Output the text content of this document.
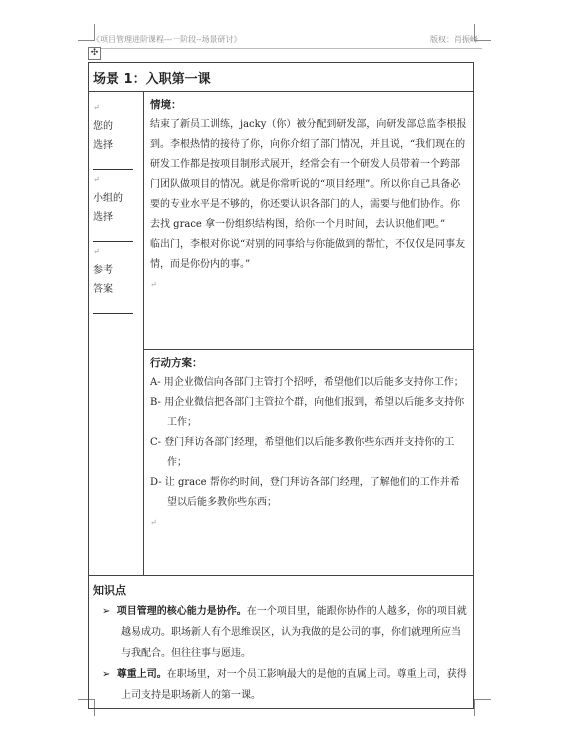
《项目管理进阶课程---一阶段--场景研讨》	版权：肖振峰
✣
场景 1：入职第一课

↵
您的
选择
↵
小组的
选择
↵
参考
答案

情境：
结束了新员工训练，jacky（你）被分配到研发部，向研发部总监李根报到。李根热情的接待了你，向你介绍了部门情况，并且说，“我们现在的研发工作都是按项目制形式展开，经常会有一个研发人员带着一个跨部门团队做项目的情况。就是你常听说的“项目经理”。所以你自己具备必要的专业水平是不够的，你还要认识各部门的人，需要与他们协作。你去找 grace 拿一份组织结构图，给你一个月时间，去认识他们吧。”
临出门，李根对你说“对别的同事给与你能做到的帮忙，不仅仅是同事友情，而是你份内的事。”
↵

行动方案：
A- 用企业微信向各部门主管打个招呼，希望他们以后能多支持你工作；
B- 用企业微信把各部门主管拉个群，向他们报到，希望以后能多支持你工作；
C- 登门拜访各部门经理，希望他们以后能多教你些东西并支持你的工作；
D- 让 grace 帮你约时间，登门拜访各部门经理，了解他们的工作并希望以后能多教你些东西；
↵

知识点
➢ 项目管理的核心能力是协作。在一个项目里，能跟你协作的人越多，你的项目就越易成功。职场新人有个思维误区，认为我做的是公司的事，你们就理所应当与我配合。但往往事与愿违。
➢ 尊重上司。在职场里，对一个员工影响最大的是他的直属上司。尊重上司，获得上司支持是职场新人的第一课。
